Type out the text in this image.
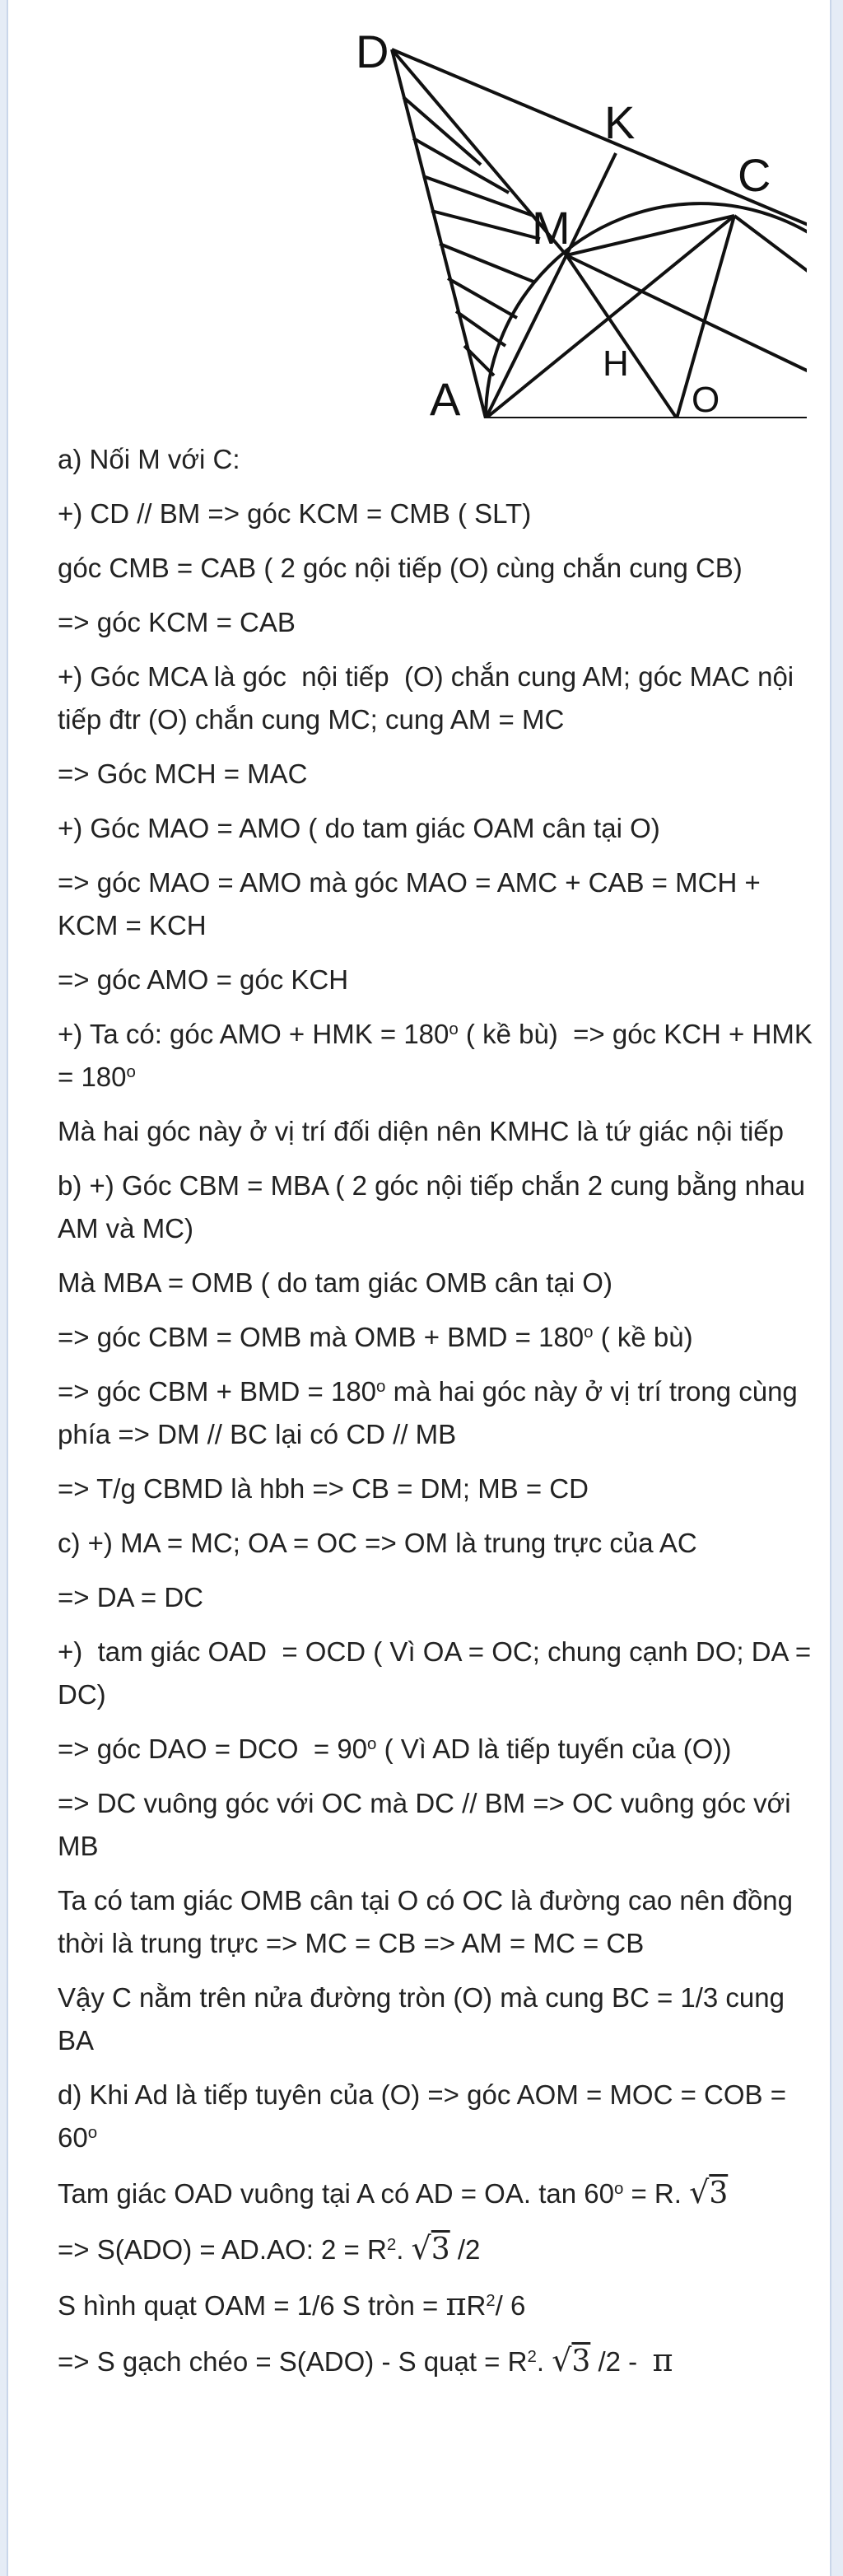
D
K
C
M
H
A	O
a) Nối M với C:
+) CD // BM => góc KCM = CMB ( SLT)
góc CMB = CAB ( 2 góc nội tiếp (O) cùng chắn cung CB)
=> góc KCM = CAB
+) Góc MCA là góc  nội tiếp  (O) chắn cung AM; góc MAC nội tiếp đtr (O) chắn cung MC; cung AM = MC
=> Góc MCH = MAC
+) Góc MAO = AMO ( do tam giác OAM cân tại O)
=> góc MAO = AMO mà góc MAO = AMC + CAB = MCH + KCM = KCH
=> góc AMO = góc KCH
+) Ta có: góc AMO + HMK = $180^o$ ( kề bù)  => góc KCH + HMK = $180^o$
Mà hai góc này ở vị trí đối diện nên KMHC là tứ giác nội tiếp
b) +) Góc CBM = MBA ( 2 góc nội tiếp chắn 2 cung bằng nhau AM và MC)
Mà MBA = OMB ( do tam giác OMB cân tại O)
=> góc CBM = OMB mà OMB + BMD = $180^o$ ( kề bù)
=> góc CBM + BMD = $180^o$ mà hai góc này ở vị trí trong cùng phía => DM // BC lại có CD // MB
=> T/g CBMD là hbh => CB = DM; MB = CD
c) +) MA = MC; OA = OC => OM là trung trực của AC
=> DA = DC
+)  tam giác OAD  = OCD ( Vì OA = OC; chung cạnh DO; DA = DC)
=> góc DAO = DCO  = $90^o$ ( Vì AD là tiếp tuyến của (O))
=> DC vuông góc với OC mà DC // BM => OC vuông góc với MB
Ta có tam giác OMB cân tại O có OC là đường cao nên đồng thời là trung trực => MC = CB => AM = MC = CB
Vậy C nằm trên nửa đường tròn (O) mà cung BC = 1/3 cung BA
d) Khi Ad là tiếp tuyên của (O) => góc AOM = MOC = COB = $60^o$
Tam giác OAD vuông tại A có AD = OA. $\tan 60^o = R$. √3
=> S(ADO) = AD.AO: $2 = R^2$. √3 /2
S hình quạt OAM = 1/6 S tròn = $\pi R^2/$ 6
=> S gạch chéo = S(ADO) - S quạt = $R^2$. √3 /2 -  π
